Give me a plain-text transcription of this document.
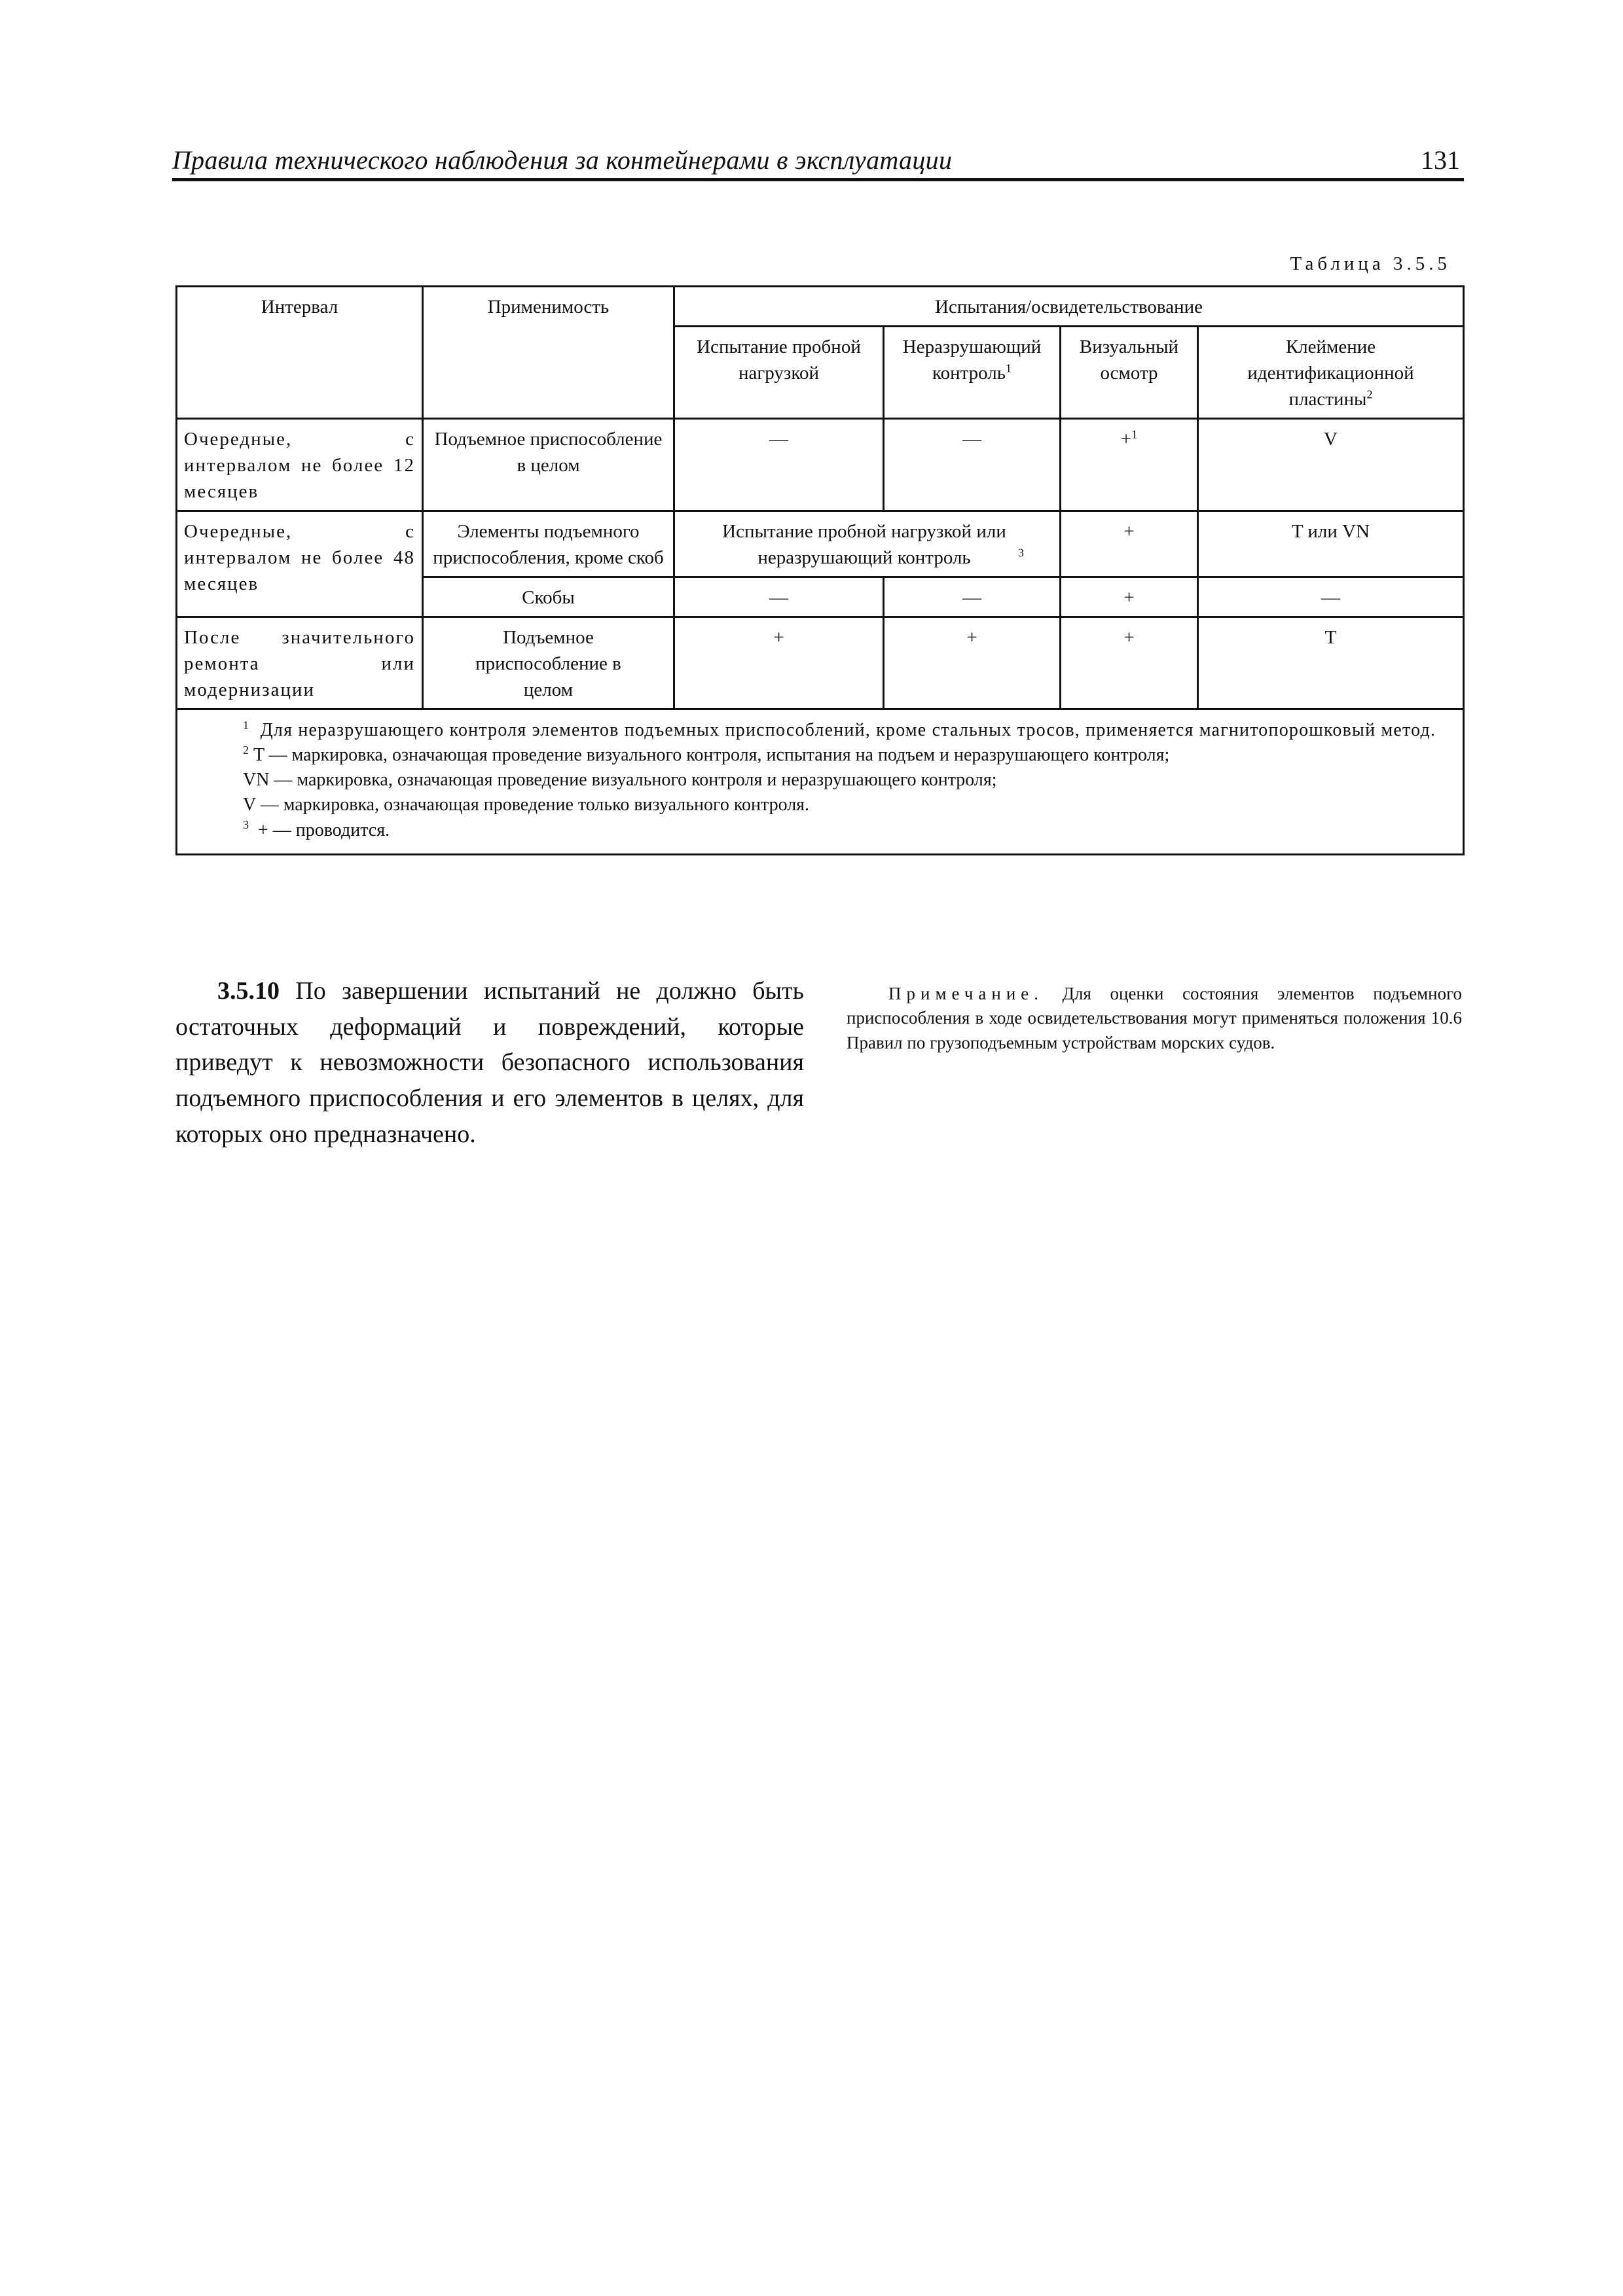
Правила технического наблюдения за контейнерами в эксплуатации	131
Таблица 3.5.5
Интервал	Применимость	Испытания/освидетельствование			
		Испытание пробной нагрузкой	Неразрушающий контроль$^1$	Визуальный осмотр	Клеймение идентификационной пластины$^2$
Очередные, с интервалом не более 12 месяцев	Подъемное приспособление в целом	—	—	+$^1$	V
Очередные, с интервалом не более 48 месяцев	Элементы подъемного приспособления, кроме скоб	Испытание пробной нагрузкой или неразрушающий контроль $^3$		+	T или VN
	Скобы	—	—	+	—
После значительного ремонта или модернизации	Подъемное приспособление в целом	+	+	+	T

$^1$ Для неразрушающего контроля элементов подъемных приспособлений, кроме стальных тросов, применяется магнитопорошковый метод.
$^2$ T — маркировка, означающая проведение визуального контроля, испытания на подъем и неразрушающего контроля;
VN — маркировка, означающая проведение визуального контроля и неразрушающего контроля;
V — маркировка, означающая проведение только визуального контроля.
$^3$ + — проводится.					
3.5.10 По завершении испытаний не должно быть остаточных деформаций и повреждений, которые приведут к невозможности безопасного использования подъемного приспособления и его элементов в целях, для которых оно предназначено.
Примечание. Для оценки состояния элементов подъемного приспособления в ходе освидетельствования могут применяться положения 10.6 Правил по грузоподъемным устройствам морских судов.
